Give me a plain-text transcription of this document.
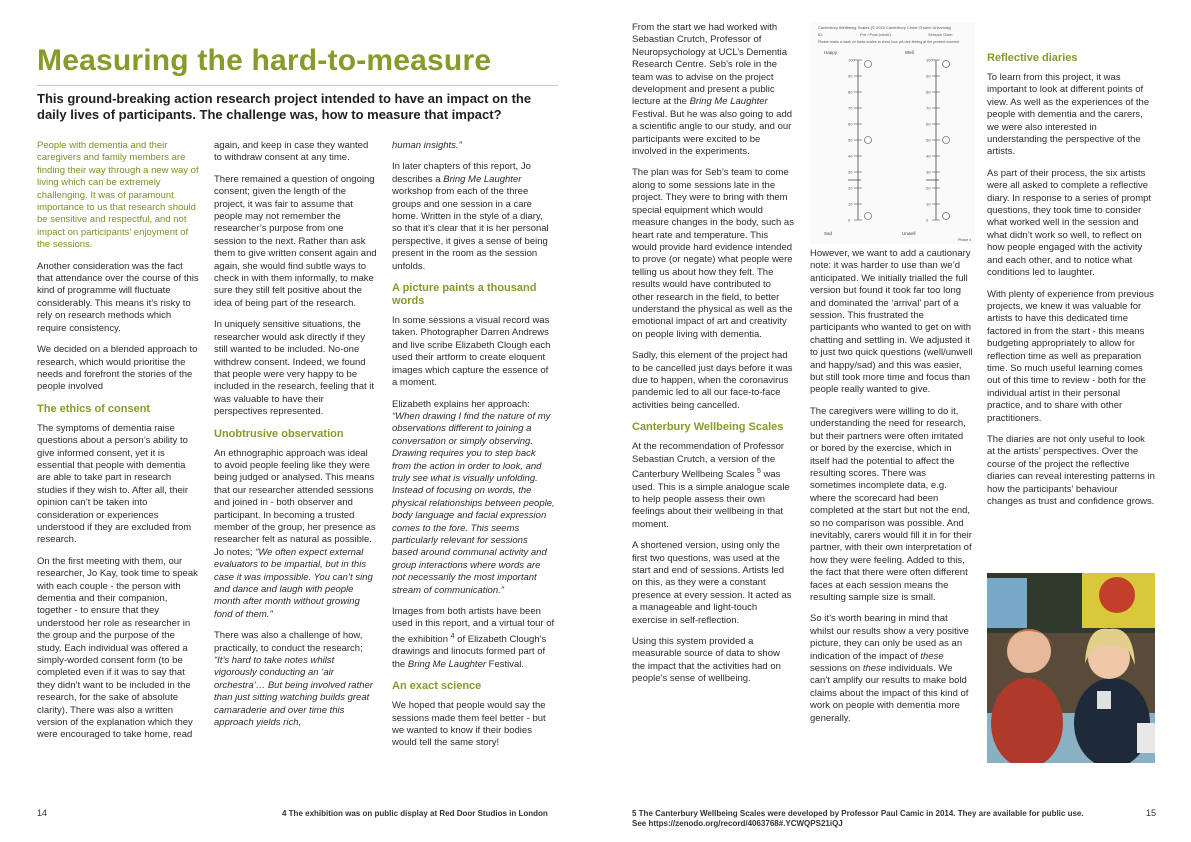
Measuring the hard-to-measure
This ground-breaking action research project intended to have an impact on the daily lives of participants. The challenge was, how to measure that impact?

People with dementia and their caregivers and family members are finding their way through a new way of living which can be extremely challenging. It was of paramount importance to us that research should be sensitive and respectful, and not impact on participants’ enjoyment of the sessions.

Another consideration was the fact that attendance over the course of this kind of programme will fluctuate considerably. This means it’s risky to rely on research methods which require consistency.

We decided on a blended approach to research, which would prioritise the needs and forefront the stories of the people involved

The ethics of consent

The symptoms of dementia raise questions about a person’s ability to give informed consent, yet it is essential that people with dementia are able to take part in research studies if they wish to. After all, their opinion can’t be taken into consideration or experiences understood if they are excluded from research.

On the first meeting with them, our researcher, Jo Kay, took time to speak with each couple - the person with dementia and their companion, together - to ensure that they understood her role as researcher in the group and the purpose of the study. Each individual was offered a simply-worded consent form (to be completed even if it was to say that they didn’t want to be included in the research, for the sake of absolute clarity). There was also a written version of the explanation which they were encouraged to take home, read

again, and keep in case they wanted to withdraw consent at any time.

There remained a question of ongoing consent; given the length of the project, it was fair to assume that people may not remember the researcher’s purpose from one session to the next. Rather than ask them to give written consent again and again, she would find subtle ways to check in with them informally, to make sure they still felt positive about the idea of being part of the research.

In uniquely sensitive situations, the researcher would ask directly if they still wanted to be included. No-one withdrew consent. Indeed, we found that people were very happy to be included in the research, feeling that it was valuable to have their perspectives represented.

Unobtrusive observation

An ethnographic approach was ideal to avoid people feeling like they were being judged or analysed. This means that our researcher attended sessions and joined in - both observer and participant. In becoming a trusted member of the group, her presence as researcher felt as natural as possible. Jo notes; “We often expect external evaluators to be impartial, but in this case it was impossible. You can’t sing and dance and laugh with people month after month without growing fond of them.”

There was also a challenge of how, practically, to conduct the research; “It’s hard to take notes whilst vigorously conducting an ‘air orchestra’… But being involved rather than just sitting watching builds great camaraderie and over time this approach yields rich,

human insights.”

In later chapters of this report, Jo describes a Bring Me Laughter workshop from each of the three groups and one session in a care home. Written in the style of a diary, so that it’s clear that it is her personal perspective, it gives a sense of being present in the room as the session unfolds.

A picture paints a thousand words

In some sessions a visual record was taken. Photographer Darren Andrews and live scribe Elizabeth Clough each used their artform to create eloquent images which capture the essence of a moment.

Elizabeth explains her approach: “When drawing I find the nature of my observations different to joining a conversation or simply observing. Drawing requires you to step back from the action in order to look, and truly see what is visually unfolding. Instead of focusing on words, the physical relationships between people, body language and facial expression comes to the fore. This seems particularly relevant for sessions based around communal activity and group interactions where words are not necessarily the most important stream of communication.”

Images from both artists have been used in this report, and a virtual tour of the exhibition $^4$ of Elizabeth Clough’s drawings and linocuts formed part of the Bring Me Laughter Festival.

An exact science

We hoped that people would say the sessions made them feel better - but we wanted to know if their bodies would tell the same story!

From the start we had worked with Sebastian Crutch, Professor of Neuropsychology at UCL’s Dementia Research Centre. Seb’s role in the team was to advise on the project development and present a public lecture at the Bring Me Laughter Festival. But he was also going to add a scientific angle to our study, and our participants were excited to be involved in the experiments.

The plan was for Seb’s team to come along to some sessions late in the project. They were to bring with them special equipment which would measure changes in the body, such as heart rate and temperature. This would provide hard evidence intended to prove (or negate) what people were telling us about how they felt. The results would have contributed to other research in the field, to better understand the physical as well as the emotional impact of art and creativity on people living with dementia.

Sadly, this element of the project had to be cancelled just days before it was due to happen, when the coronavirus pandemic led to all our face-to-face activities being cancelled.

Canterbury Wellbeing Scales

At the recommendation of Professor Sebastian Crutch, a version of the Canterbury Wellbeing Scales $^5$ was used. This is a simple analogue scale to help people assess their own feelings about their wellbeing in that moment.

A shortened version, using only the first two questions, was used at the start and end of sessions. Artists led on this, as they were a constant presence at every session. It acted as a manageable and light-touch exercise in self-reflection.

Using this system provided a measurable source of data to show the impact that the activities had on people’s sense of wellbeing.

Canterbury Wellbeing Scales (© 2015 Canterbury Christ Church University)
ID:	Pre / Post (circle)	Session Date:
Please make a mark on these scales to show how you are feeling at the present moment
Happy	Well
Sad	Unwell
Phase 4
100
90
80
70
60
50
40
30
20
10
0
100
90
80
70
60
50
40
30
20
10
0

However, we want to add a cautionary note: it was harder to use than we’d anticipated. We initially trialled the full version but found it took far too long and dominated the ‘arrival’ part of a session. This frustrated the participants who wanted to get on with chatting and settling in. We adjusted it to just two quick questions (well/unwell and happy/sad) and this was easier, but still took more time and focus than people really wanted to give.

The caregivers were willing to do it, understanding the need for research, but their partners were often irritated or bored by the exercise, which in itself had the potential to affect the resulting scores. There was sometimes incomplete data, e.g. where the scorecard had been completed at the start but not the end, so no comparison was possible. And inevitably, carers would fill it in for their partner, with their own interpretation of how they were feeling. Added to this, the fact that there were often different faces at each session means the resulting sample size is small.

So it’s worth bearing in mind that whilst our results show a very positive picture, they can only be used as an indication of the impact of these sessions on these individuals. We can’t amplify our results to make bold claims about the impact of this kind of work on people with dementia more generally.

Reflective diaries

To learn from this project, it was important to look at different points of view. As well as the experiences of the people with dementia and the carers, we were also interested in understanding the perspective of the artists.

As part of their process, the six artists were all asked to complete a reflective diary. In response to a series of prompt questions, they took time to consider what worked well in the session and what didn’t work so well, to reflect on how people engaged with the activity and each other, and to notice what conditions led to laughter.

With plenty of experience from previous projects, we knew it was valuable for artists to have this dedicated time factored in from the start - this means budgeting appropriately to allow for reflection time as well as preparation time. So much useful learning comes out of this time to review - both for the individual artist in their personal practice, and to share with other practitioners.

The diaries are not only useful to look at the artists’ perspectives. Over the course of the project the reflective diaries can reveal interesting patterns in how the participants’ behaviour changes as trust and confidence grows.

14	4 The exhibition was on public display at Red Door Studios in London	5 The Canterbury Wellbeing Scales were developed by Professor Paul Camic in 2014. They are available for public use.
See https://zenodo.org/record/4063768#.YCWQPS21iQJ
15
